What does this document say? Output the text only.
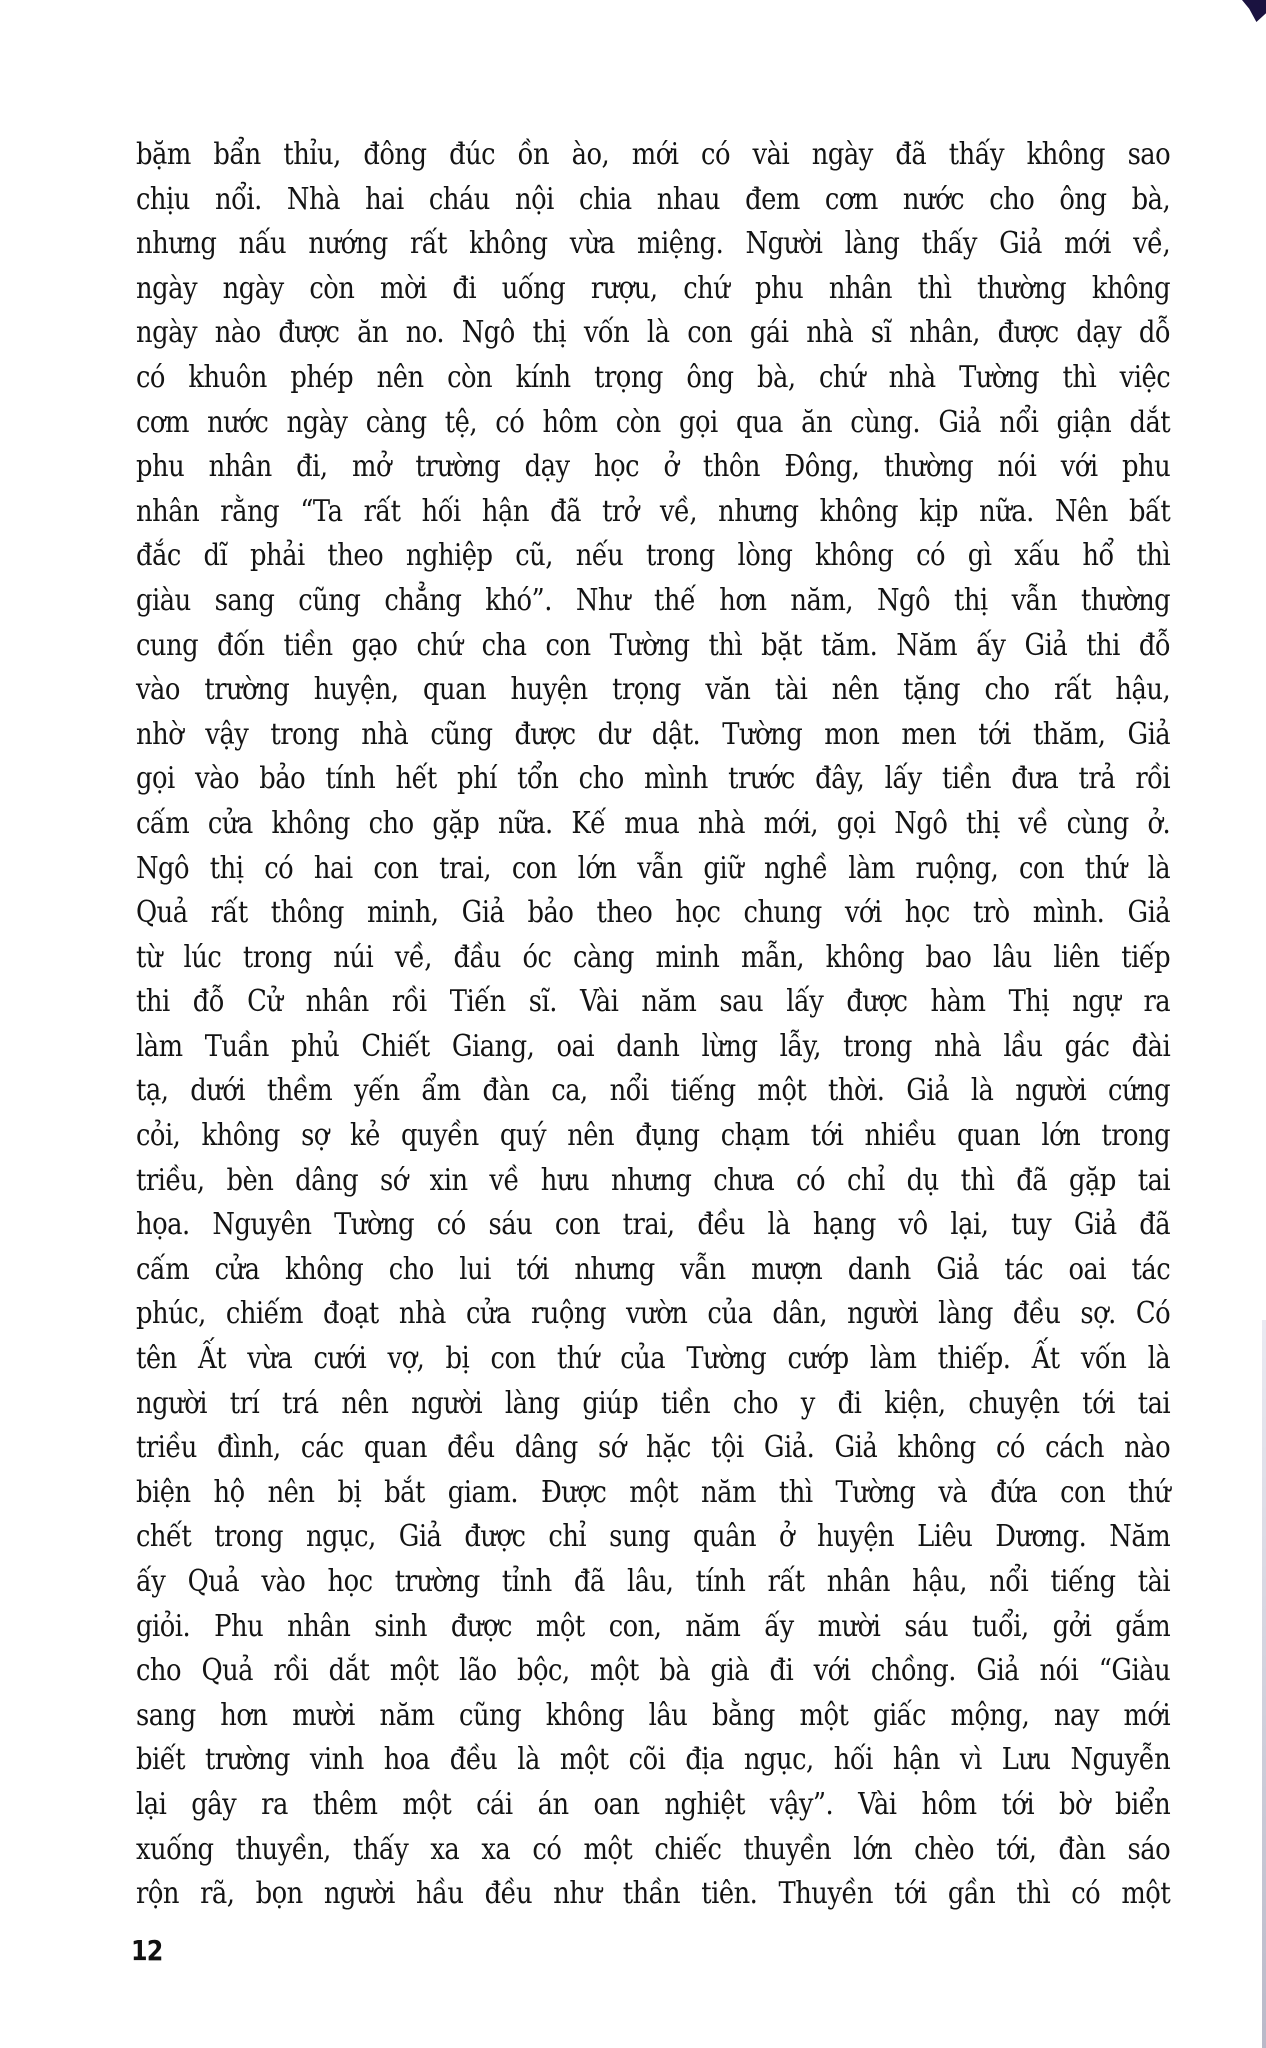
bặm bẩn thỉu, đông đúc ồn ào, mới có vài ngày đã thấy không sao
chịu nổi. Nhà hai cháu nội chia nhau đem cơm nước cho ông bà,
nhưng nấu nướng rất không vừa miệng. Người làng thấy Giả mới về,
ngày ngày còn mời đi uống rượu, chứ phu nhân thì thường không
ngày nào được ăn no. Ngô thị vốn là con gái nhà sĩ nhân, được dạy dỗ
có khuôn phép nên còn kính trọng ông bà, chứ nhà Tường thì việc
cơm nước ngày càng tệ, có hôm còn gọi qua ăn cùng. Giả nổi giận dắt
phu nhân đi, mở trường dạy học ở thôn Đông, thường nói với phu
nhân rằng “Ta rất hối hận đã trở về, nhưng không kịp nữa. Nên bất
đắc dĩ phải theo nghiệp cũ, nếu trong lòng không có gì xấu hổ thì
giàu sang cũng chẳng khó”. Như thế hơn năm, Ngô thị vẫn thường
cung đốn tiền gạo chứ cha con Tường thì bặt tăm. Năm ấy Giả thi đỗ
vào trường huyện, quan huyện trọng văn tài nên tặng cho rất hậu,
nhờ vậy trong nhà cũng được dư dật. Tường mon men tới thăm, Giả
gọi vào bảo tính hết phí tổn cho mình trước đây, lấy tiền đưa trả rồi
cấm cửa không cho gặp nữa. Kế mua nhà mới, gọi Ngô thị về cùng ở.
Ngô thị có hai con trai, con lớn vẫn giữ nghề làm ruộng, con thứ là
Quả rất thông minh, Giả bảo theo học chung với học trò mình. Giả
từ lúc trong núi về, đầu óc càng minh mẫn, không bao lâu liên tiếp
thi đỗ Cử nhân rồi Tiến sĩ. Vài năm sau lấy được hàm Thị ngự ra
làm Tuần phủ Chiết Giang, oai danh lừng lẫy, trong nhà lầu gác đài
tạ, dưới thềm yến ẩm đàn ca, nổi tiếng một thời. Giả là người cứng
cỏi, không sợ kẻ quyền quý nên đụng chạm tới nhiều quan lớn trong
triều, bèn dâng sớ xin về hưu nhưng chưa có chỉ dụ thì đã gặp tai
họa. Nguyên Tường có sáu con trai, đều là hạng vô lại, tuy Giả đã
cấm cửa không cho lui tới nhưng vẫn mượn danh Giả tác oai tác
phúc, chiếm đoạt nhà cửa ruộng vườn của dân, người làng đều sợ. Có
tên Ất vừa cưới vợ, bị con thứ của Tường cướp làm thiếp. Ất vốn là
người trí trá nên người làng giúp tiền cho y đi kiện, chuyện tới tai
triều đình, các quan đều dâng sớ hặc tội Giả. Giả không có cách nào
biện hộ nên bị bắt giam. Được một năm thì Tường và đứa con thứ
chết trong ngục, Giả được chỉ sung quân ở huyện Liêu Dương. Năm
ấy Quả vào học trường tỉnh đã lâu, tính rất nhân hậu, nổi tiếng tài
giỏi. Phu nhân sinh được một con, năm ấy mười sáu tuổi, gởi gắm
cho Quả rồi dắt một lão bộc, một bà già đi với chồng. Giả nói “Giàu
sang hơn mười năm cũng không lâu bằng một giấc mộng, nay mới
biết trường vinh hoa đều là một cõi địa ngục, hối hận vì Lưu Nguyễn
lại gây ra thêm một cái án oan nghiệt vậy”. Vài hôm tới bờ biển
xuống thuyền, thấy xa xa có một chiếc thuyền lớn chèo tới, đàn sáo
rộn rã, bọn người hầu đều như thần tiên. Thuyền tới gần thì có một
12
